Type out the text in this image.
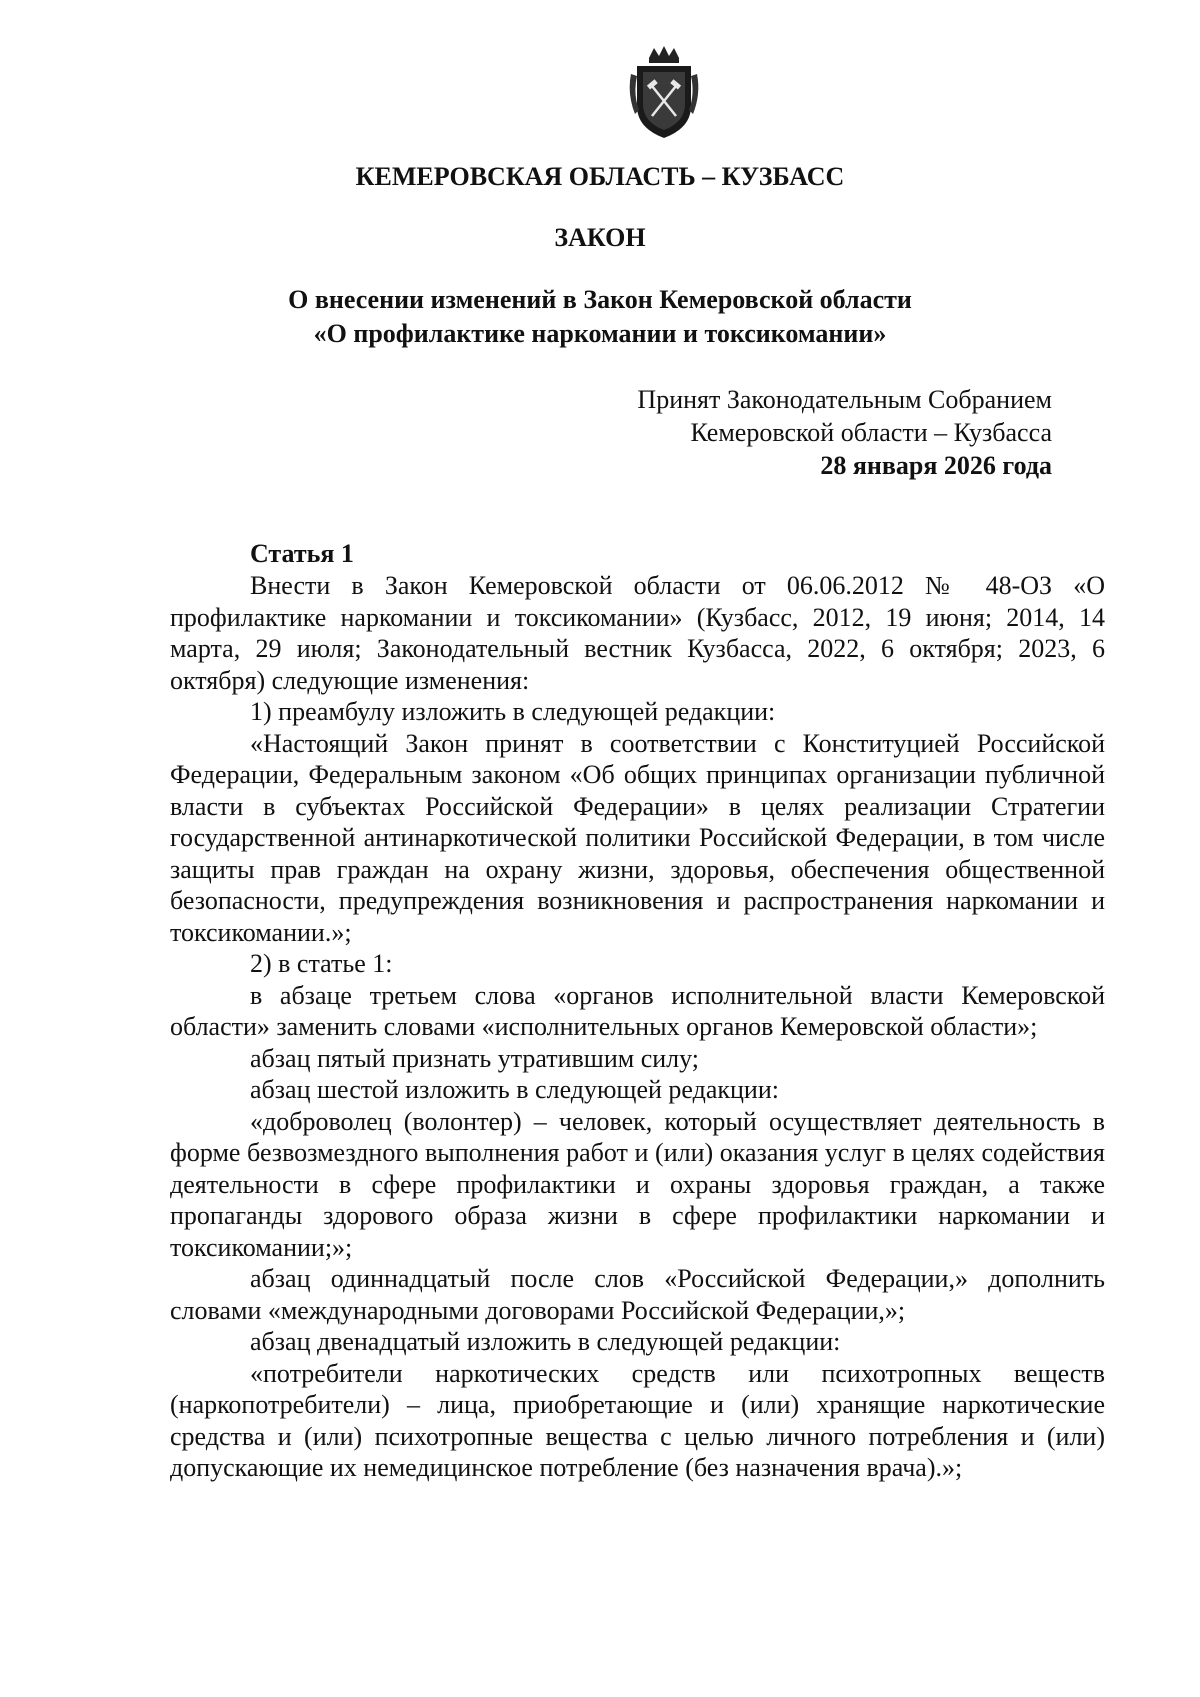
КЕМЕРОВСКАЯ ОБЛАСТЬ – КУЗБАСС
ЗАКОН
О внесении изменений в Закон Кемеровской области
«О профилактике наркомании и токсикомании»
Принят Законодательным Собранием
Кемеровской области – Кузбасса
28 января 2026 года
Статья 1

Внести в Закон Кемеровской области от 06.06.2012 № 48-ОЗ «О профилактике наркомании и токсикомании» (Кузбасс, 2012, 19 июня; 2014, 14 марта, 29 июля; Законодательный вестник Кузбасса, 2022, 6 октября; 2023, 6 октября) следующие изменения:

1) преамбулу изложить в следующей редакции:

«Настоящий Закон принят в соответствии с Конституцией Российской Федерации, Федеральным законом «Об общих принципах организации публичной власти в субъектах Российской Федерации» в целях реализации Стратегии государственной антинаркотической политики Российской Федерации, в том числе защиты прав граждан на охрану жизни, здоровья, обеспечения общественной безопасности, предупреждения возникновения и распространения наркомании и токсикомании.»;

2) в статье 1:

в абзаце третьем слова «органов исполнительной власти Кемеровской области» заменить словами «исполнительных органов Кемеровской области»;

абзац пятый признать утратившим силу;

абзац шестой изложить в следующей редакции:

«доброволец (волонтер) – человек, который осуществляет деятельность в форме безвозмездного выполнения работ и (или) оказания услуг в целях содействия деятельности в сфере профилактики и охраны здоровья граждан, а также пропаганды здорового образа жизни в сфере профилактики наркомании и токсикомании;»;

абзац одиннадцатый после слов «Российской Федерации,» дополнить словами «международными договорами Российской Федерации,»;

абзац двенадцатый изложить в следующей редакции:

«потребители наркотических средств или психотропных веществ (наркопотребители) – лица, приобретающие и (или) хранящие наркотические средства и (или) психотропные вещества с целью личного потребления и (или) допускающие их немедицинское потребление (без назначения врача).»;
